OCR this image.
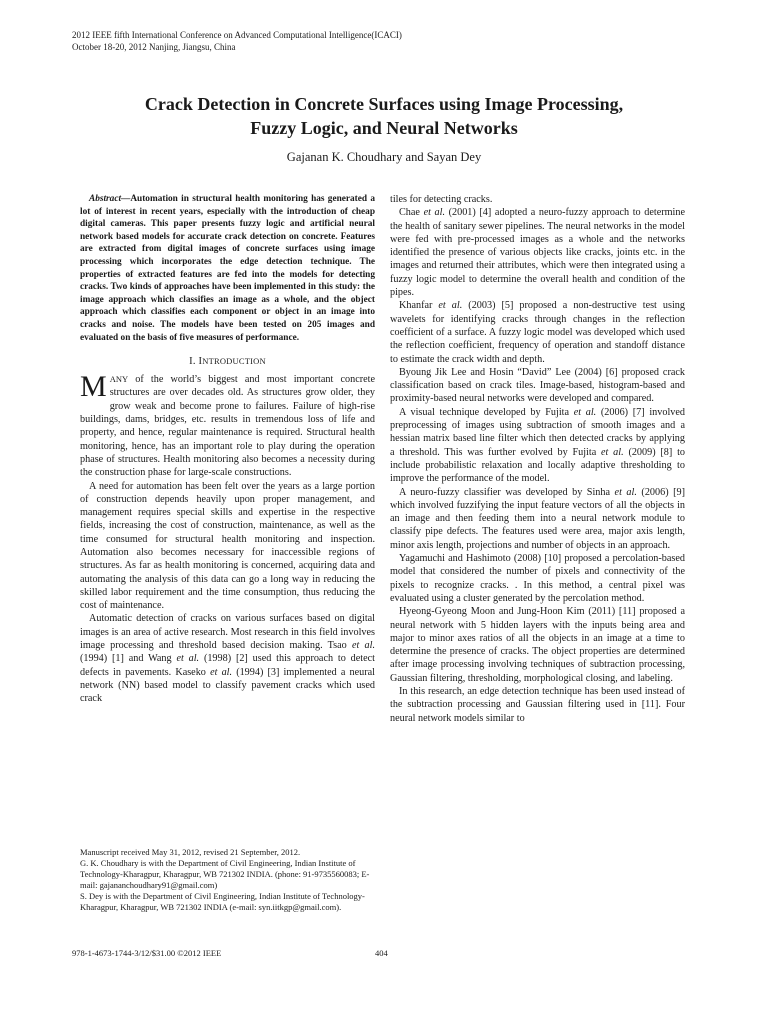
2012 IEEE fifth International Conference on Advanced Computational Intelligence(ICACI)
October 18-20, 2012 Nanjing, Jiangsu, China
Crack Detection in Concrete Surfaces using Image Processing,
Fuzzy Logic, and Neural Networks
Gajanan K. Choudhary and Sayan Dey

Abstract—Automation in structural health monitoring has generated a lot of interest in recent years, especially with the introduction of cheap digital cameras. This paper presents fuzzy logic and artificial neural network based models for accurate crack detection on concrete. Features are extracted from digital images of concrete surfaces using image processing which incorporates the edge detection technique. The properties of extracted features are fed into the models for detecting cracks. Two kinds of approaches have been implemented in this study: the image approach which classifies an image as a whole, and the object approach which classifies each component or object in an image into cracks and noise. The models have been tested on 205 images and evaluated on the basis of five measures of performance.

I. INTRODUCTION

MANY of the world’s biggest and most important concrete structures are over decades old. As structures grow older, they grow weak and become prone to failures. Failure of high-rise buildings, dams, bridges, etc. results in tremendous loss of life and property, and hence, regular maintenance is required. Structural health monitoring, hence, has an important role to play during the operation phase of structures. Health monitoring also becomes a necessity during the construction phase for large-scale constructions.

A need for automation has been felt over the years as a large portion of construction depends heavily upon proper management, and management requires special skills and expertise in the respective fields, increasing the cost of construction, maintenance, as well as the time consumed for structural health monitoring and inspection. Automation also becomes necessary for inaccessible regions of structures. As far as health monitoring is concerned, acquiring data and automating the analysis of this data can go a long way in reducing the skilled labor requirement and the time consumption, thus reducing the cost of maintenance.

Automatic detection of cracks on various surfaces based on digital images is an area of active research. Most research in this field involves image processing and threshold based decision making. Tsao et al. (1994) [1] and Wang et al. (1998) [2] used this approach to detect defects in pavements. Kaseko et al. (1994) [3] implemented a neural network (NN) based model to classify pavement cracks which used crack

Manuscript received May 31, 2012, revised 21 September, 2012.

G. K. Choudhary is with the Department of Civil Engineering, Indian Institute of Technology-Kharagpur, Kharagpur, WB 721302 INDIA. (phone: 91-9735560083; E-mail: gajananchoudhary91@gmail.com)

S. Dey is with the Department of Civil Engineering, Indian Institute of Technology-Kharagpur, Kharagpur, WB 721302 INDIA (e-mail: syn.iitkgp@gmail.com).

tiles for detecting cracks.

Chae et al. (2001) [4] adopted a neuro-fuzzy approach to determine the health of sanitary sewer pipelines. The neural networks in the model were fed with pre-processed images as a whole and the networks identified the presence of various objects like cracks, joints etc. in the images and returned their attributes, which were then integrated using a fuzzy logic model to determine the overall health and condition of the pipes.

Khanfar et al. (2003) [5] proposed a non-destructive test using wavelets for identifying cracks through changes in the reflection coefficient of a surface. A fuzzy logic model was developed which used the reflection coefficient, frequency of operation and standoff distance to estimate the crack width and depth.

Byoung Jik Lee and Hosin “David” Lee (2004) [6] proposed crack classification based on crack tiles. Image-based, histogram-based and proximity-based neural networks were developed and compared.

A visual technique developed by Fujita et al. (2006) [7] involved preprocessing of images using subtraction of smooth images and a hessian matrix based line filter which then detected cracks by applying a threshold. This was further evolved by Fujita et al. (2009) [8] to include probabilistic relaxation and locally adaptive thresholding to improve the performance of the model.

A neuro-fuzzy classifier was developed by Sinha et al. (2006) [9] which involved fuzzifying the input feature vectors of all the objects in an image and then feeding them into a neural network module to classify pipe defects. The features used were area, major axis length, minor axis length, projections and number of objects in an approach.

Yagamuchi and Hashimoto (2008) [10] proposed a percolation-based model that considered the number of pixels and connectivity of the pixels to recognize cracks. . In this method, a central pixel was evaluated using a cluster generated by the percolation method.

Hyeong-Gyeong Moon and Jung-Hoon Kim (2011) [11] proposed a neural network with 5 hidden layers with the inputs being area and major to minor axes ratios of all the objects in an image at a time to determine the presence of cracks. The object properties are determined after image processing involving techniques of subtraction processing, Gaussian filtering, thresholding, morphological closing, and labeling.

In this research, an edge detection technique has been used instead of the subtraction processing and Gaussian filtering used in [11]. Four neural network models similar to

978-1-4673-1744-3/12/$31.00 ©2012 IEEE	404
